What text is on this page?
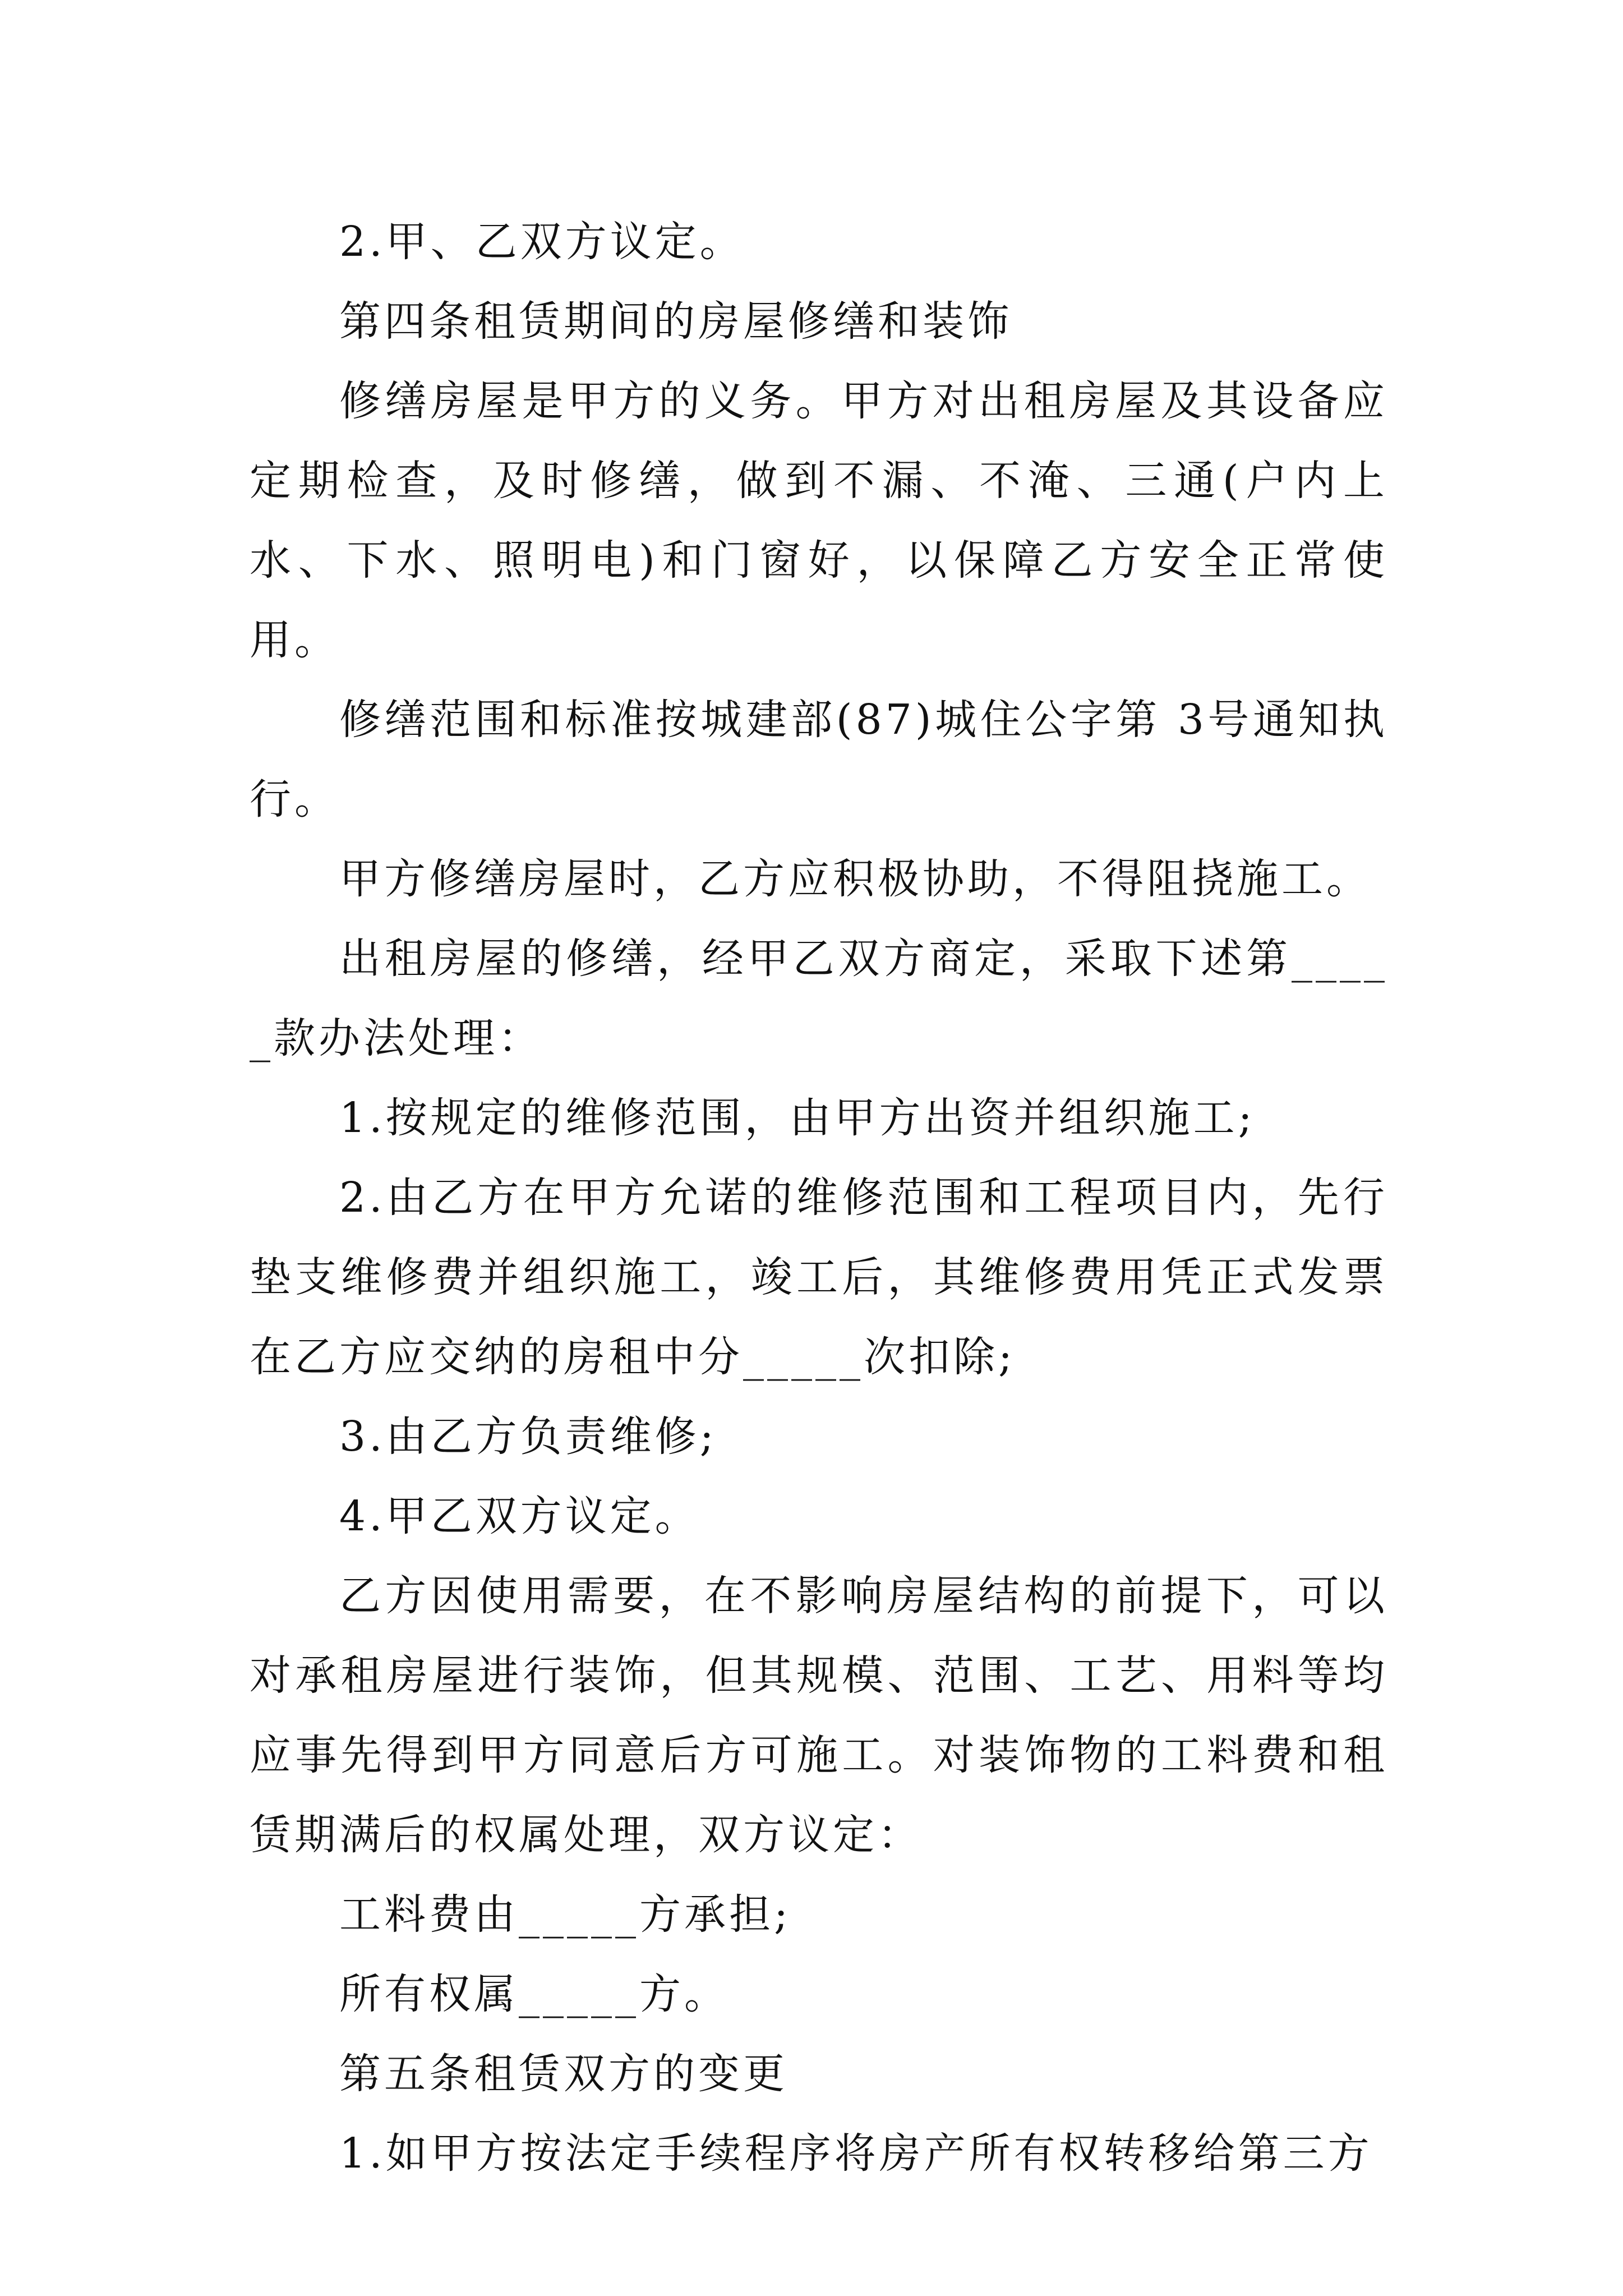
2.甲、乙双方议定。

第四条租赁期间的房屋修缮和装饰

修缮房屋是甲方的义务。甲方对出租房屋及其设备应定期检查，及时修缮，做到不漏、不淹、三通(户内上水、下水、照明电)和门窗好，以保障乙方安全正常使用。

修缮范围和标准按城建部(87)城住公字第 3号通知执行。

甲方修缮房屋时，乙方应积极协助，不得阻挠施工。

出租房屋的修缮，经甲乙双方商定，采取下述第_____款办法处理：

1.按规定的维修范围，由甲方出资并组织施工;

2.由乙方在甲方允诺的维修范围和工程项目内，先行垫支维修费并组织施工，竣工后，其维修费用凭正式发票在乙方应交纳的房租中分_____次扣除;

3.由乙方负责维修;

4.甲乙双方议定。

乙方因使用需要，在不影响房屋结构的前提下，可以对承租房屋进行装饰，但其规模、范围、工艺、用料等均应事先得到甲方同意后方可施工。对装饰物的工料费和租赁期满后的权属处理，双方议定：

工料费由_____方承担;

所有权属_____方。

第五条租赁双方的变更

1.如甲方按法定手续程序将房产所有权转移给第三方
